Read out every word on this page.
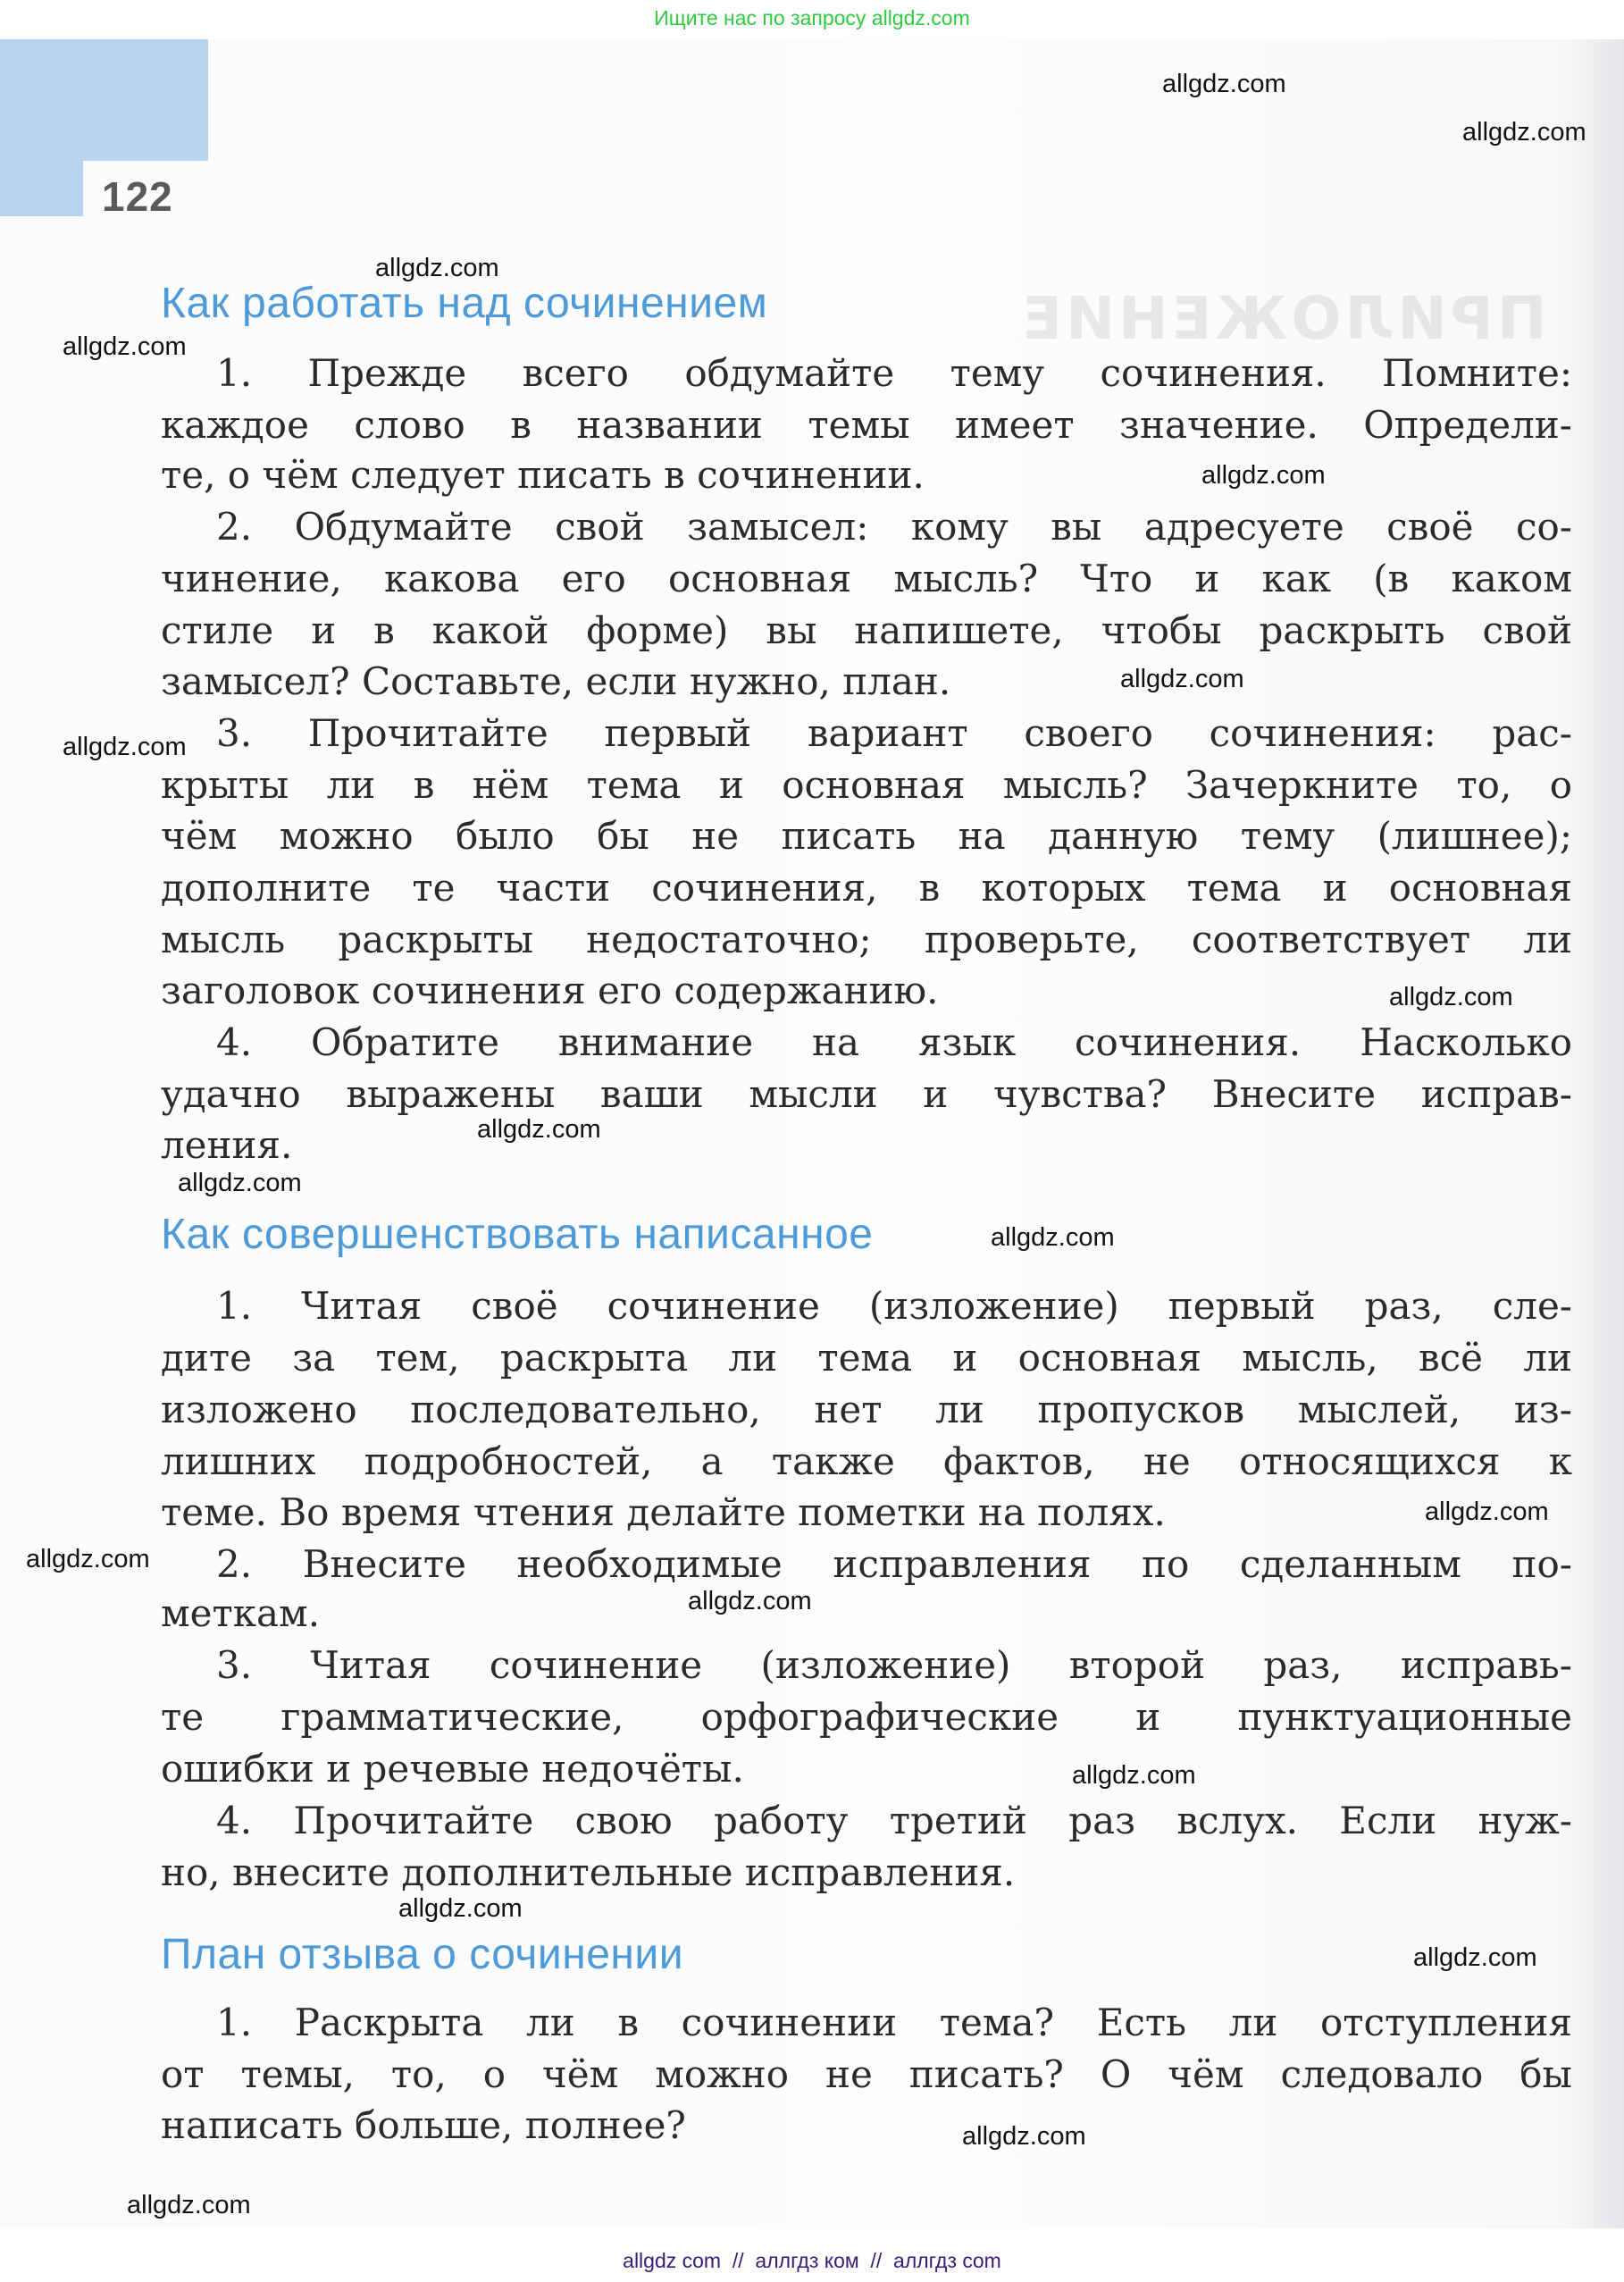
122
ПРИЛОЖЕНИЕ
Ищите нас по запросу allgdz.com
Как работать над сочинением
1. Прежде всего обдумайте тему сочинения. Помните:
каждое слово в названии темы имеет значение. Определи-
те, о чём следует писать в сочинении.
2. Обдумайте свой замысел: кому вы адресуете своё со-
чинение, какова его основная мысль? Что и как (в каком
стиле и в какой форме) вы напишете, чтобы раскрыть свой
замысел? Составьте, если нужно, план.
3. Прочитайте первый вариант своего сочинения: рас-
крыты ли в нём тема и основная мысль? Зачеркните то, о
чём можно было бы не писать на данную тему (лишнее);
дополните те части сочинения, в которых тема и основная
мысль раскрыты недостаточно; проверьте, соответствует ли
заголовок сочинения его содержанию.
4. Обратите внимание на язык сочинения. Насколько
удачно выражены ваши мысли и чувства? Внесите исправ-
ления.
Как совершенствовать написанное
1. Читая своё сочинение (изложение) первый раз, сле-
дите за тем, раскрыта ли тема и основная мысль, всё ли
изложено последовательно, нет ли пропусков мыслей, из-
лишних подробностей, а также фактов, не относящихся к
теме. Во время чтения делайте пометки на полях.
2. Внесите необходимые исправления по сделанным по-
меткам.
3. Читая сочинение (изложение) второй раз, исправь-
те грамматические, орфографические и пунктуационные
ошибки и речевые недочёты.
4. Прочитайте свою работу третий раз вслух. Если нуж-
но, внесите дополнительные исправления.
План отзыва о сочинении
1. Раскрыта ли в сочинении тема? Есть ли отступления
от темы, то, о чём можно не писать? О чём следовало бы
написать больше, полнее?
allgdz.com
allgdz.com
allgdz.com
allgdz.com
allgdz.com
allgdz.com
allgdz.com
allgdz.com
allgdz.com
allgdz.com
allgdz.com
allgdz.com
allgdz.com
allgdz.com
allgdz.com
allgdz.com
allgdz.com
allgdz.com
allgdz.com
allgdz com  //  аллгдз ком  //  аллгдз com
